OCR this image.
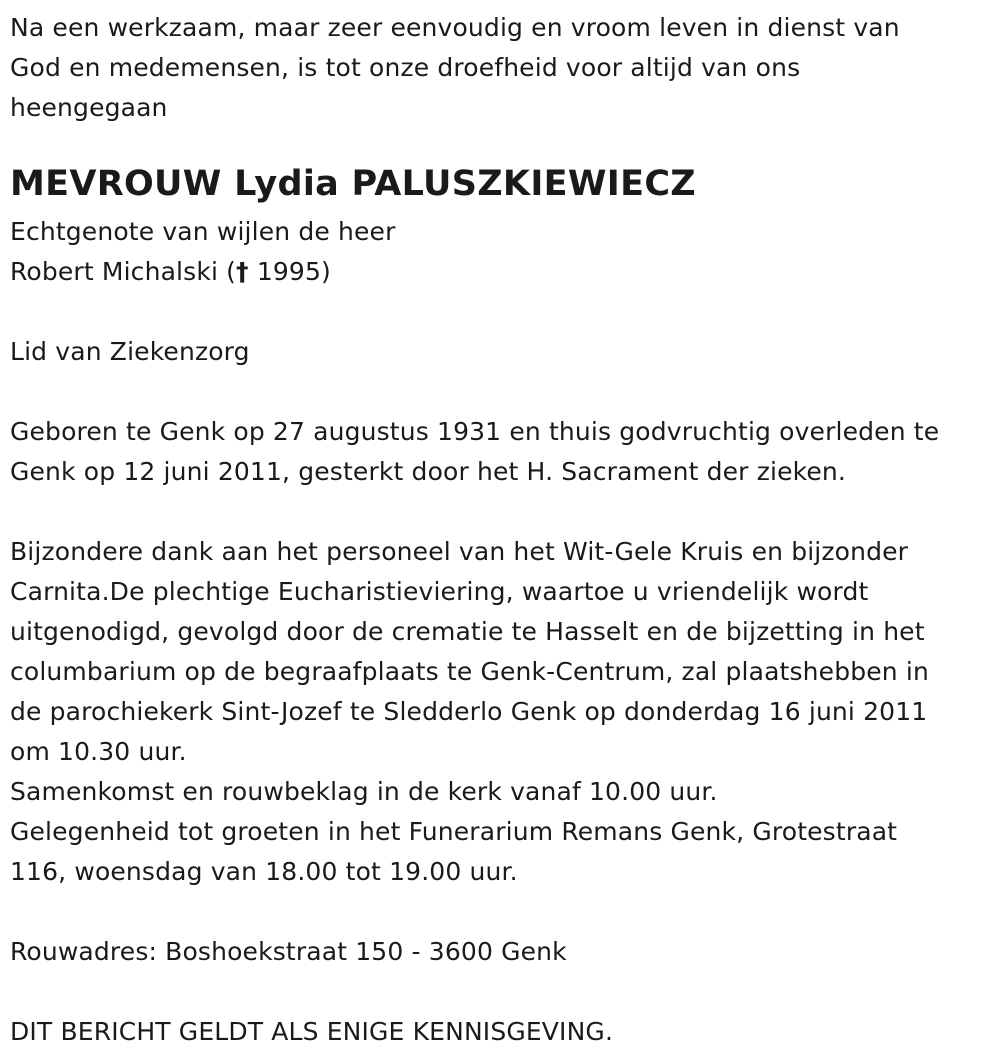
Na een werkzaam, maar zeer eenvoudig en vroom leven in dienst van
God en medemensen, is tot onze droefheid voor altijd van ons
heengegaan

MEVROUW Lydia PALUSZKIEWIECZ

Echtgenote van wijlen de heer
Robert Michalski († 1995)

Lid van Ziekenzorg

Geboren te Genk op 27 augustus 1931 en thuis godvruchtig overleden te
Genk op 12 juni 2011, gesterkt door het H. Sacrament der zieken.

Bijzondere dank aan het personeel van het Wit-Gele Kruis en bijzonder
Carnita.De plechtige Eucharistieviering, waartoe u vriendelijk wordt
uitgenodigd, gevolgd door de crematie te Hasselt en de bijzetting in het
columbarium op de begraafplaats te Genk-Centrum, zal plaatshebben in
de parochiekerk Sint-Jozef te Sledderlo Genk op donderdag 16 juni 2011
om 10.30 uur.
Samenkomst en rouwbeklag in de kerk vanaf 10.00 uur.
Gelegenheid tot groeten in het Funerarium Remans Genk, Grotestraat
116, woensdag van 18.00 tot 19.00 uur.

Rouwadres: Boshoekstraat 150 - 3600 Genk

DIT BERICHT GELDT ALS ENIGE KENNISGEVING.
